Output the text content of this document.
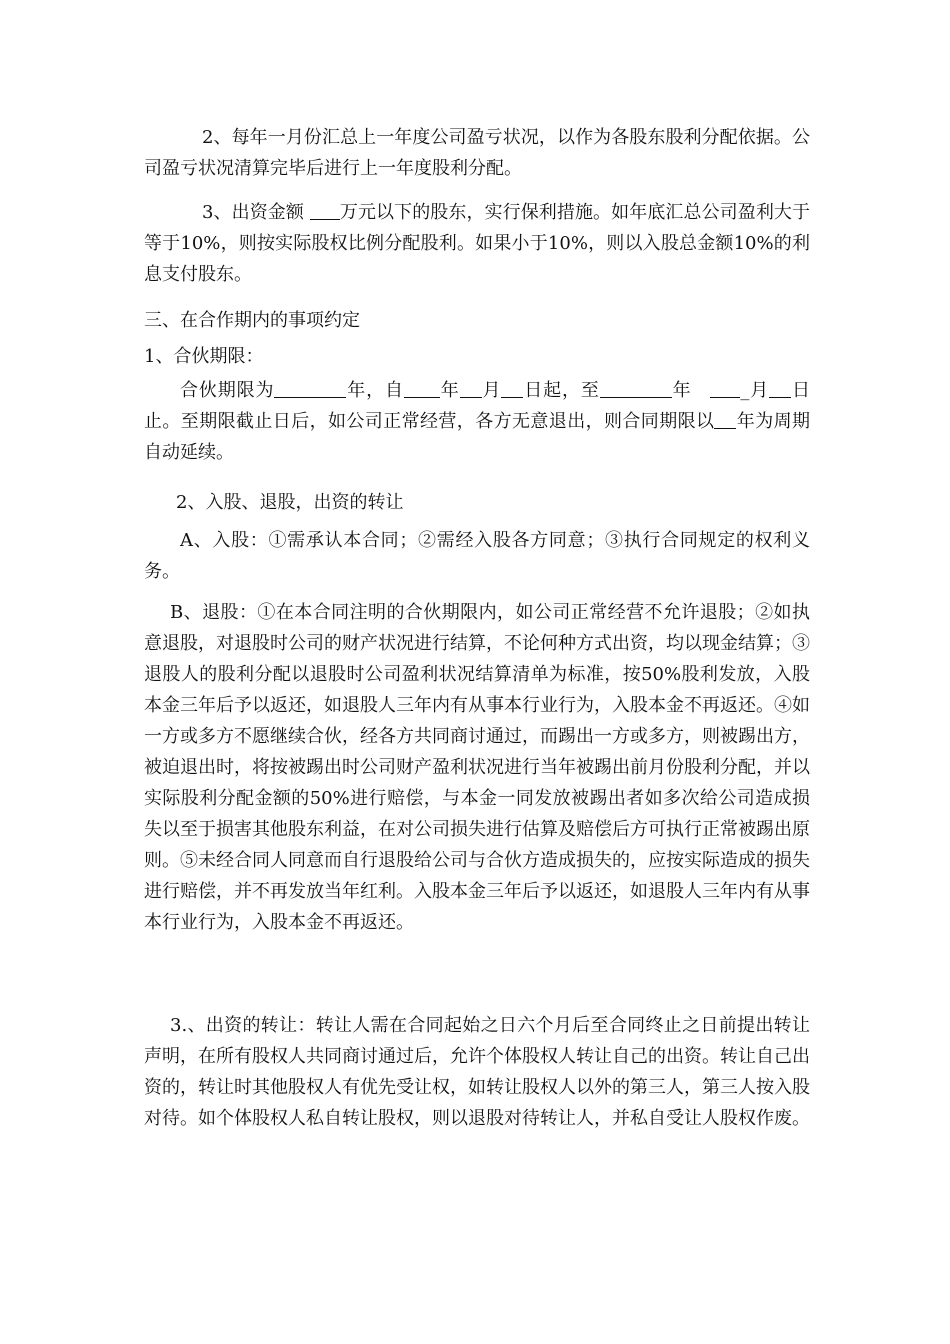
2、每年一月份汇总上一年度公司盈亏状况，以作为各股东股利分配依据。公司盈亏状况清算完毕后进行上一年度股利分配。

3、出资金额 万元以下的股东，实行保利措施。如年底汇总公司盈利大于等于10%，则按实际股权比例分配股利。如果小于10%，则以入股总金额10%的利息支付股东。

三、在合作期内的事项约定

1、合伙期限：

合伙期限为	年，自 年 月 日起，至	年　_月 日止。至期限截止日后，如公司正常经营，各方无意退出，则合同期限以 年为周期自动延续。

2、入股、退股，出资的转让

A、入股：①需承认本合同；②需经入股各方同意；③执行合同规定的权利义务。

B、退股：①在本合同注明的合伙期限内，如公司正常经营不允许退股；②如执意退股，对退股时公司的财产状况进行结算，不论何种方式出资，均以现金结算；③退股人的股利分配以退股时公司盈利状况结算清单为标准，按50%股利发放，入股本金三年后予以返还，如退股人三年内有从事本行业行为，入股本金不再返还。④如一方或多方不愿继续合伙，经各方共同商讨通过，而踢出一方或多方，则被踢出方，被迫退出时，将按被踢出时公司财产盈利状况进行当年被踢出前月份股利分配，并以实际股利分配金额的50%进行赔偿，与本金一同发放被踢出者如多次给公司造成损失以至于损害其他股东利益，在对公司损失进行估算及赔偿后方可执行正常被踢出原则。⑤未经合同人同意而自行退股给公司与合伙方造成损失的，应按实际造成的损失进行赔偿，并不再发放当年红利。入股本金三年后予以返还，如退股人三年内有从事本行业行为，入股本金不再返还。

3.、出资的转让：转让人需在合同起始之日六个月后至合同终止之日前提出转让声明，在所有股权人共同商讨通过后，允许个体股权人转让自己的出资。转让自己出资的，转让时其他股权人有优先受让权，如转让股权人以外的第三人，第三人按入股对待。如个体股权人私自转让股权，则以退股对待转让人，并私自受让人股权作废。
